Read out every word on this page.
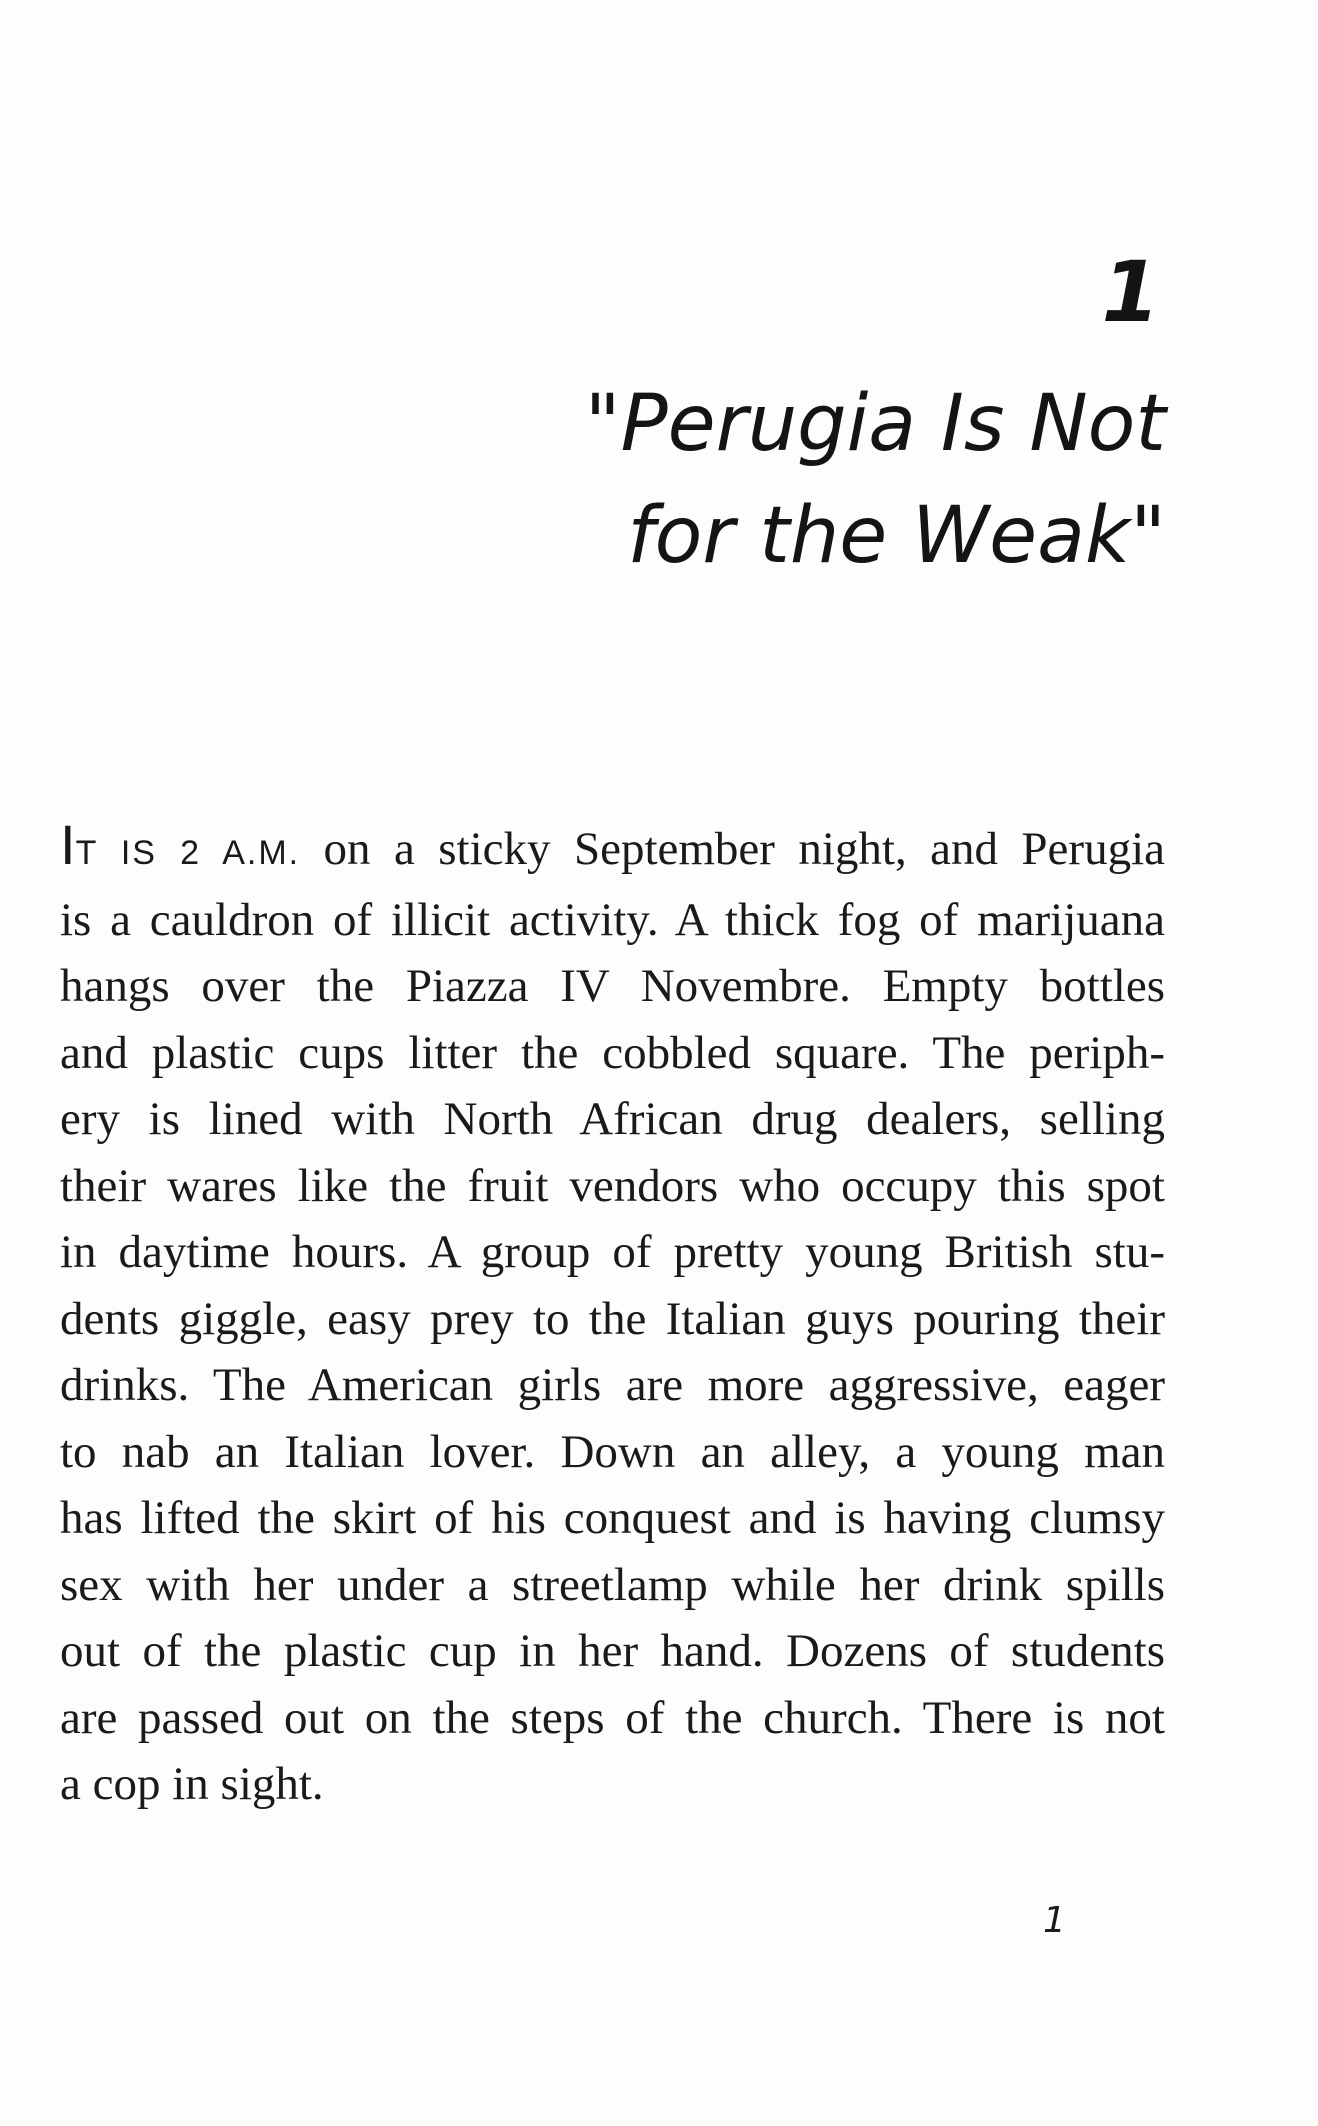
1
"Perugia Is Not
for the Weak"
IT IS 2 A.M. on a sticky September night, and Perugia
is a cauldron of illicit activity. A thick fog of marijuana
hangs over the Piazza IV Novembre. Empty bottles
and plastic cups litter the cobbled square. The periph-
ery is lined with North African drug dealers, selling
their wares like the fruit vendors who occupy this spot
in daytime hours. A group of pretty young British stu-
dents giggle, easy prey to the Italian guys pouring their
drinks. The American girls are more aggressive, eager
to nab an Italian lover. Down an alley, a young man
has lifted the skirt of his conquest and is having clumsy
sex with her under a streetlamp while her drink spills
out of the plastic cup in her hand. Dozens of students
are passed out on the steps of the church. There is not
a cop in sight.
1
